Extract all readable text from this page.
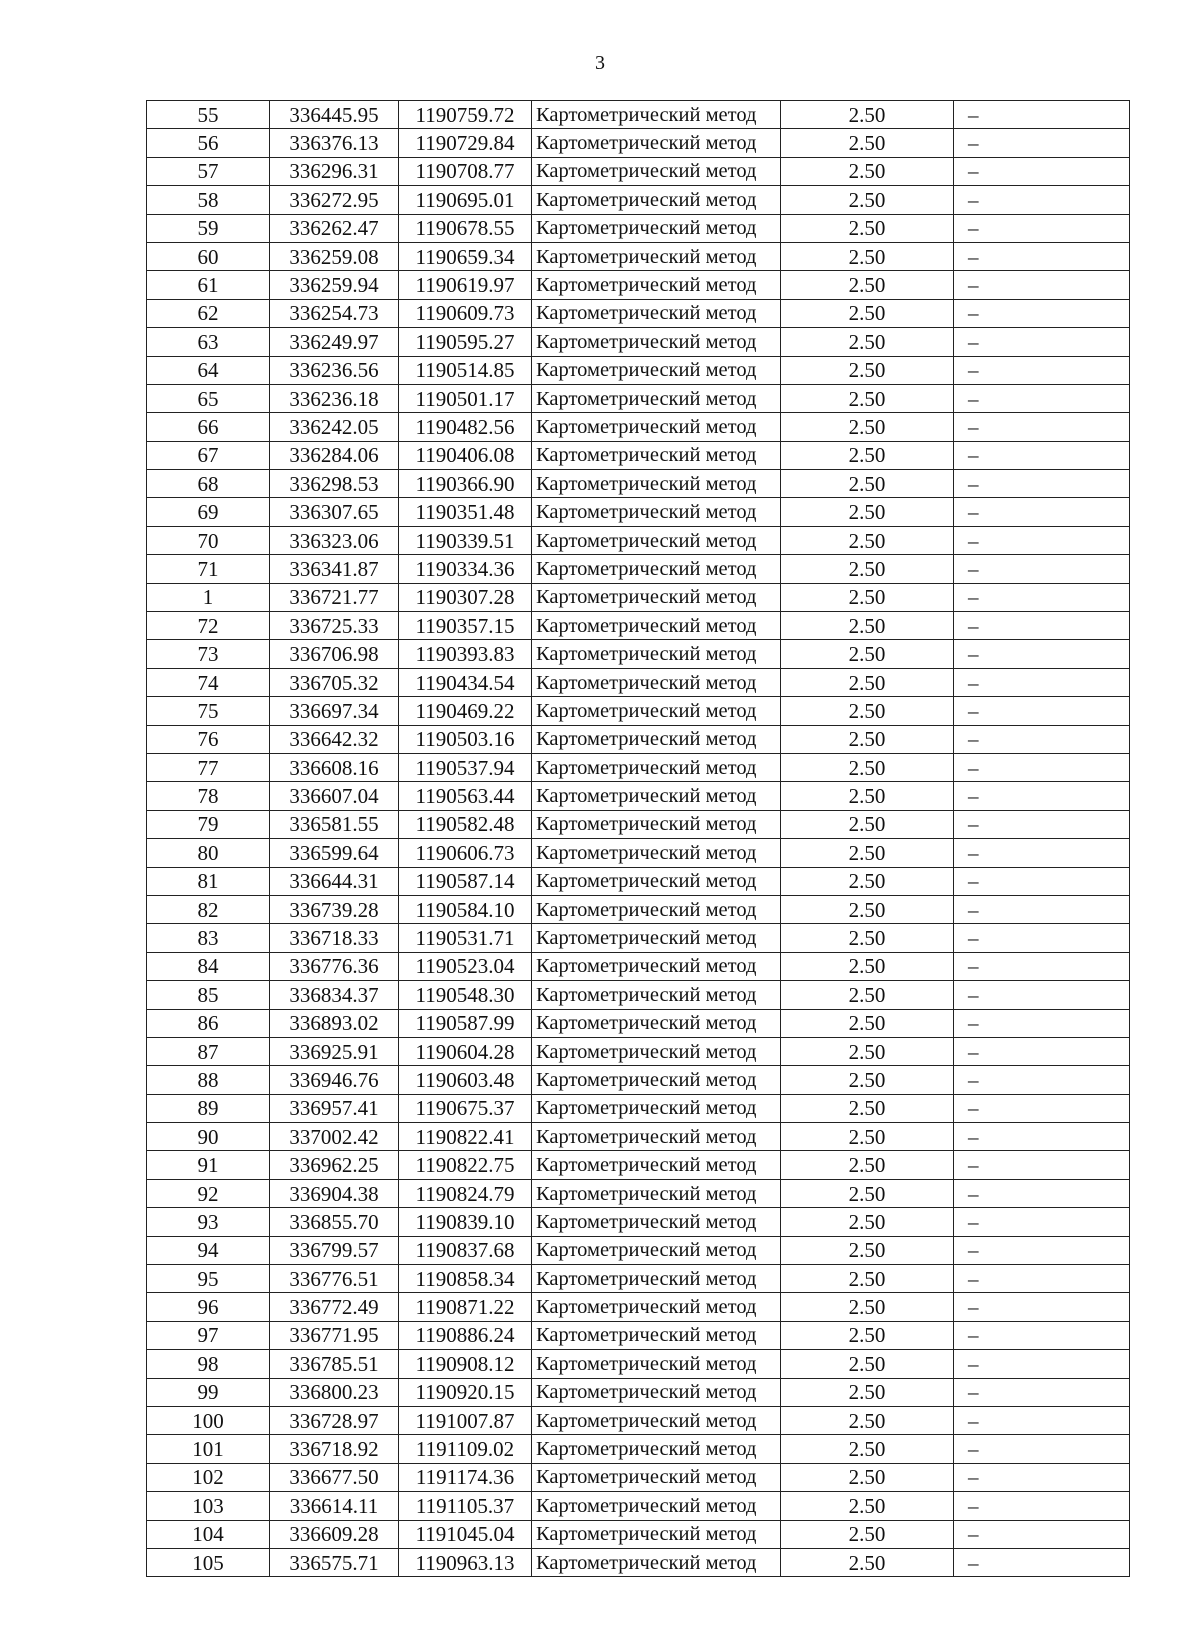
3
55	336445.95	1190759.72	Картометрический метод	2.50	–
56	336376.13	1190729.84	Картометрический метод	2.50	–
57	336296.31	1190708.77	Картометрический метод	2.50	–
58	336272.95	1190695.01	Картометрический метод	2.50	–
59	336262.47	1190678.55	Картометрический метод	2.50	–
60	336259.08	1190659.34	Картометрический метод	2.50	–
61	336259.94	1190619.97	Картометрический метод	2.50	–
62	336254.73	1190609.73	Картометрический метод	2.50	–
63	336249.97	1190595.27	Картометрический метод	2.50	–
64	336236.56	1190514.85	Картометрический метод	2.50	–
65	336236.18	1190501.17	Картометрический метод	2.50	–
66	336242.05	1190482.56	Картометрический метод	2.50	–
67	336284.06	1190406.08	Картометрический метод	2.50	–
68	336298.53	1190366.90	Картометрический метод	2.50	–
69	336307.65	1190351.48	Картометрический метод	2.50	–
70	336323.06	1190339.51	Картометрический метод	2.50	–
71	336341.87	1190334.36	Картометрический метод	2.50	–
1	336721.77	1190307.28	Картометрический метод	2.50	–
72	336725.33	1190357.15	Картометрический метод	2.50	–
73	336706.98	1190393.83	Картометрический метод	2.50	–
74	336705.32	1190434.54	Картометрический метод	2.50	–
75	336697.34	1190469.22	Картометрический метод	2.50	–
76	336642.32	1190503.16	Картометрический метод	2.50	–
77	336608.16	1190537.94	Картометрический метод	2.50	–
78	336607.04	1190563.44	Картометрический метод	2.50	–
79	336581.55	1190582.48	Картометрический метод	2.50	–
80	336599.64	1190606.73	Картометрический метод	2.50	–
81	336644.31	1190587.14	Картометрический метод	2.50	–
82	336739.28	1190584.10	Картометрический метод	2.50	–
83	336718.33	1190531.71	Картометрический метод	2.50	–
84	336776.36	1190523.04	Картометрический метод	2.50	–
85	336834.37	1190548.30	Картометрический метод	2.50	–
86	336893.02	1190587.99	Картометрический метод	2.50	–
87	336925.91	1190604.28	Картометрический метод	2.50	–
88	336946.76	1190603.48	Картометрический метод	2.50	–
89	336957.41	1190675.37	Картометрический метод	2.50	–
90	337002.42	1190822.41	Картометрический метод	2.50	–
91	336962.25	1190822.75	Картометрический метод	2.50	–
92	336904.38	1190824.79	Картометрический метод	2.50	–
93	336855.70	1190839.10	Картометрический метод	2.50	–
94	336799.57	1190837.68	Картометрический метод	2.50	–
95	336776.51	1190858.34	Картометрический метод	2.50	–
96	336772.49	1190871.22	Картометрический метод	2.50	–
97	336771.95	1190886.24	Картометрический метод	2.50	–
98	336785.51	1190908.12	Картометрический метод	2.50	–
99	336800.23	1190920.15	Картометрический метод	2.50	–
100	336728.97	1191007.87	Картометрический метод	2.50	–
101	336718.92	1191109.02	Картометрический метод	2.50	–
102	336677.50	1191174.36	Картометрический метод	2.50	–
103	336614.11	1191105.37	Картометрический метод	2.50	–
104	336609.28	1191045.04	Картометрический метод	2.50	–
105	336575.71	1190963.13	Картометрический метод	2.50	–
